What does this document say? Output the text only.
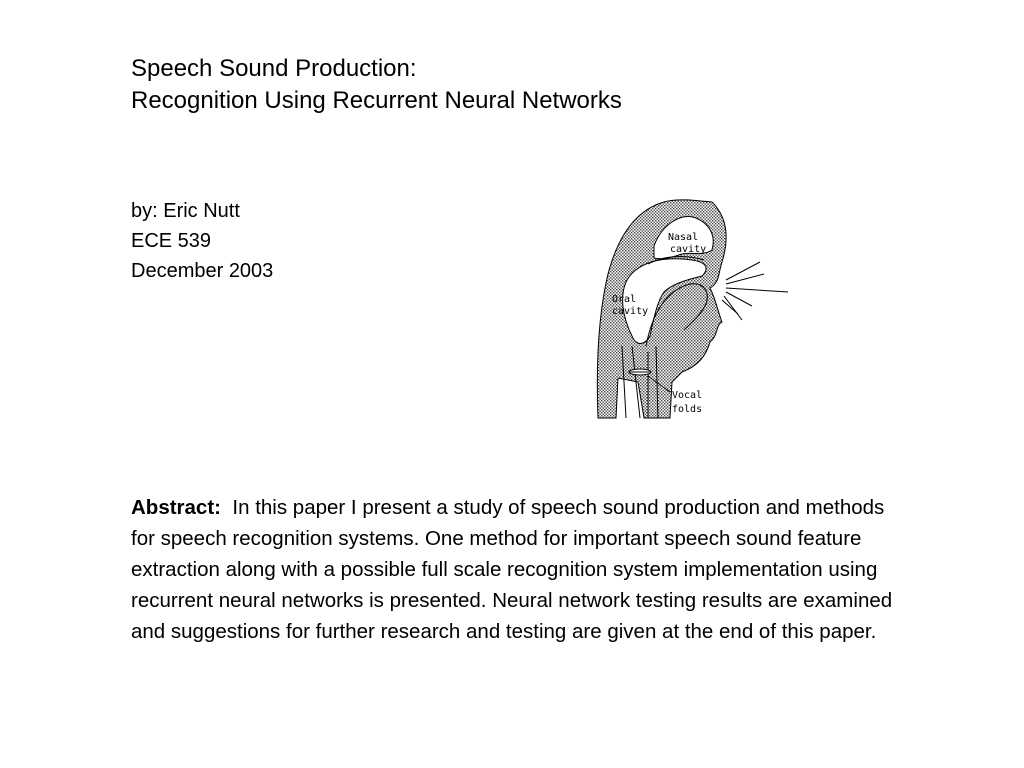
Speech Sound Production:
Recognition Using Recurrent Neural Networks
by: Eric Nutt
ECE 539
December 2003
Nasal
cavity
Oral
cavity
Vocal
folds
Abstract: In this paper I present a study of speech sound production and methods for speech recognition systems. One method for important speech sound feature extraction along with a possible full scale recognition system implementation using recurrent neural networks is presented. Neural network testing results are examined and suggestions for further research and testing are given at the end of this paper.
